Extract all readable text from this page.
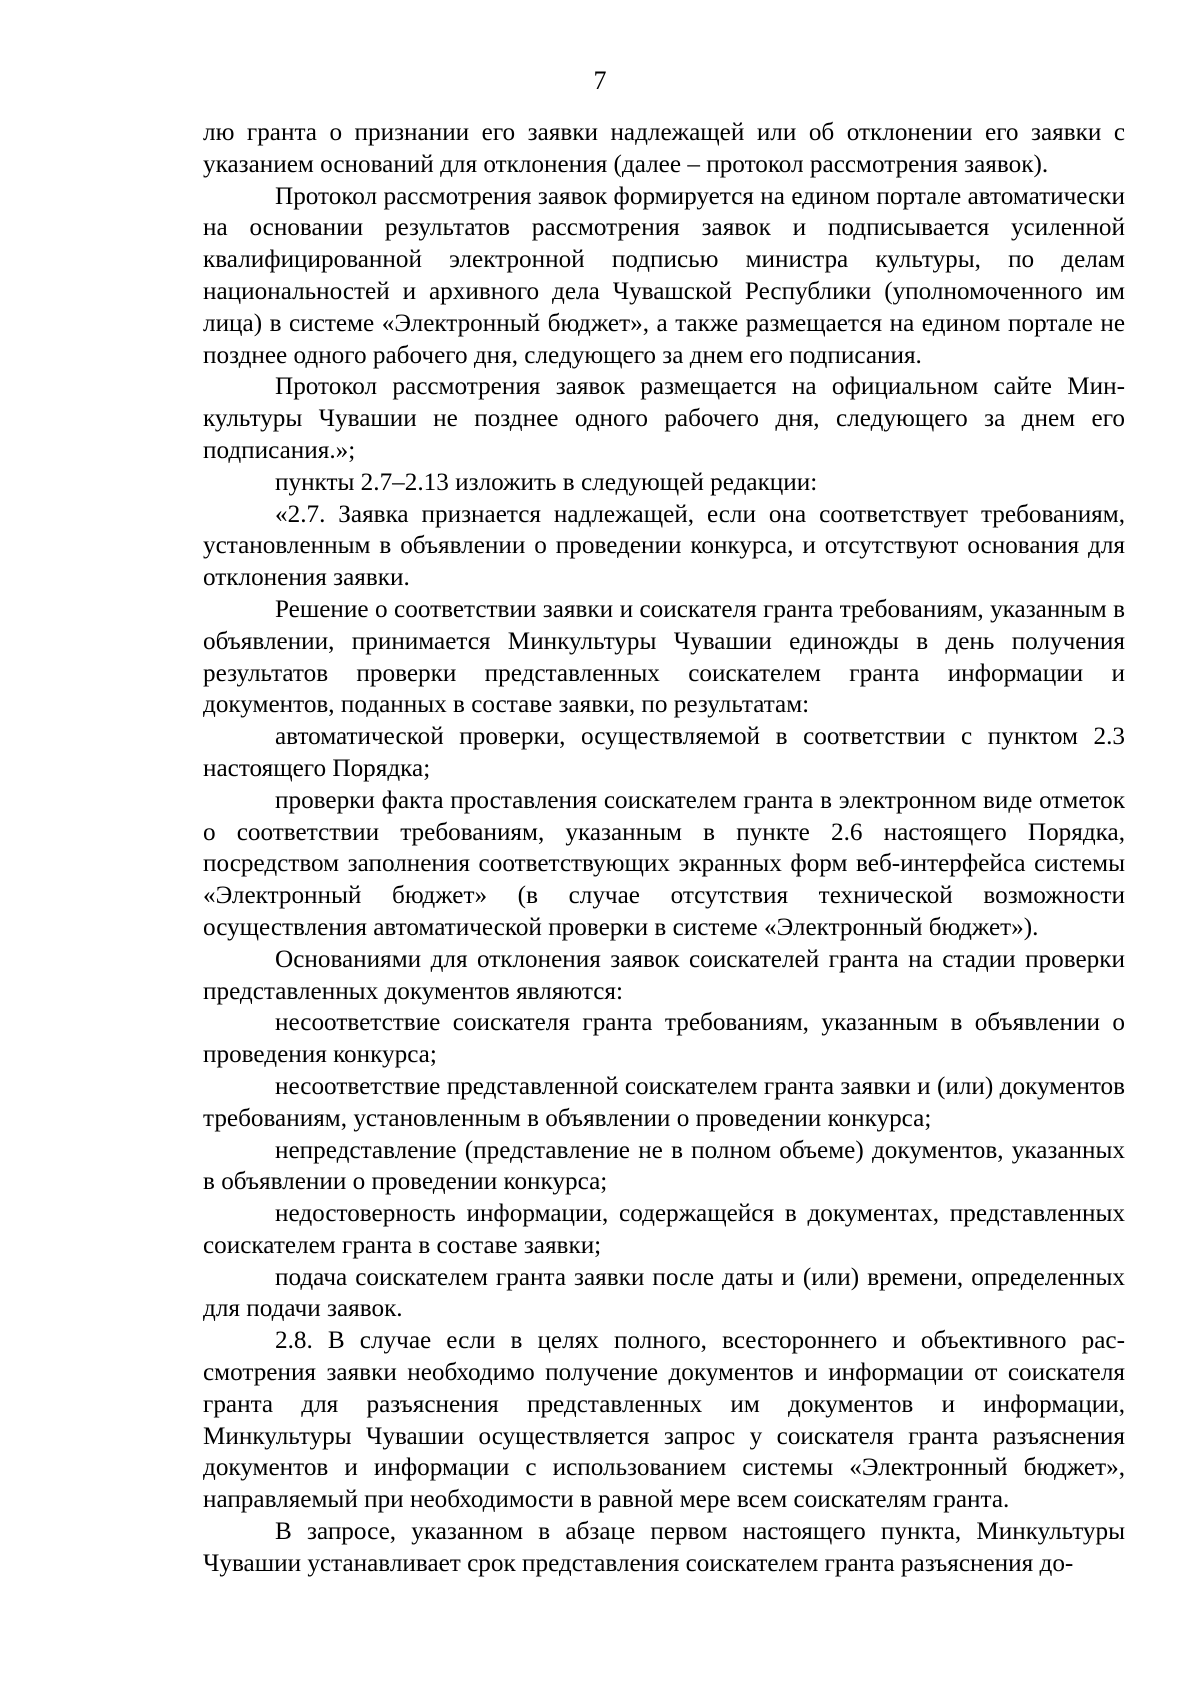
7

лю гранта о признании его заявки надлежащей или об отклонении его заявки с указанием оснований для отклонения (далее – протокол рассмотрения заявок).

Протокол рассмотрения заявок формируется на едином портале автоматически на основании результатов рассмотрения заявок и подписывается усиленной квалифицированной электронной подписью министра культуры, по делам национальностей и архивного дела Чувашской Республики (уполномоченного им лица) в системе «Электронный бюджет», а также размещается на едином портале не позднее одного рабочего дня, следующего за днем его подписания.

Протокол рассмотрения заявок размещается на официальном сайте Минкультуры Чувашии не позднее одного рабочего дня, следующего за днем его подписания.»;

пункты 2.7–2.13 изложить в следующей редакции:

«2.7. Заявка признается надлежащей, если она соответствует требованиям, установленным в объявлении о проведении конкурса, и отсутствуют основания для отклонения заявки.

Решение о соответствии заявки и соискателя гранта требованиям, указанным в объявлении, принимается Минкультуры Чувашии единожды в день получения результатов проверки представленных соискателем гранта информации и документов, поданных в составе заявки, по результатам:

автоматической проверки, осуществляемой в соответствии с пунктом 2.3 настоящего Порядка;

проверки факта проставления соискателем гранта в электронном виде отметок о соответствии требованиям, указанным в пункте 2.6 настоящего Порядка, посредством заполнения соответствующих экранных форм веб-интерфейса системы «Электронный бюджет» (в случае отсутствия технической возможности осуществления автоматической проверки в системе «Электронный бюджет»).

Основаниями для отклонения заявок соискателей гранта на стадии проверки представленных документов являются:

несоответствие соискателя гранта требованиям, указанным в объявлении о проведения конкурса;

несоответствие представленной соискателем гранта заявки и (или) документов требованиям, установленным в объявлении о проведении конкурса;

непредставление (представление не в полном объеме) документов, указанных в объявлении о проведении конкурса;

недостоверность информации, содержащейся в документах, представленных соискателем гранта в составе заявки;

подача соискателем гранта заявки после даты и (или) времени, определенных для подачи заявок.

2.8. В случае если в целях полного, всестороннего и объективного рассмотрения заявки необходимо получение документов и информации от соискателя гранта для разъяснения представленных им документов и информации, Минкультуры Чувашии осуществляется запрос у соискателя гранта разъяснения документов и информации с использованием системы «Электронный бюджет», направляемый при необходимости в равной мере всем соискателям гранта.

В запросе, указанном в абзаце первом настоящего пункта, Минкультуры Чувашии устанавливает срок представления соискателем гранта разъяснения до-
